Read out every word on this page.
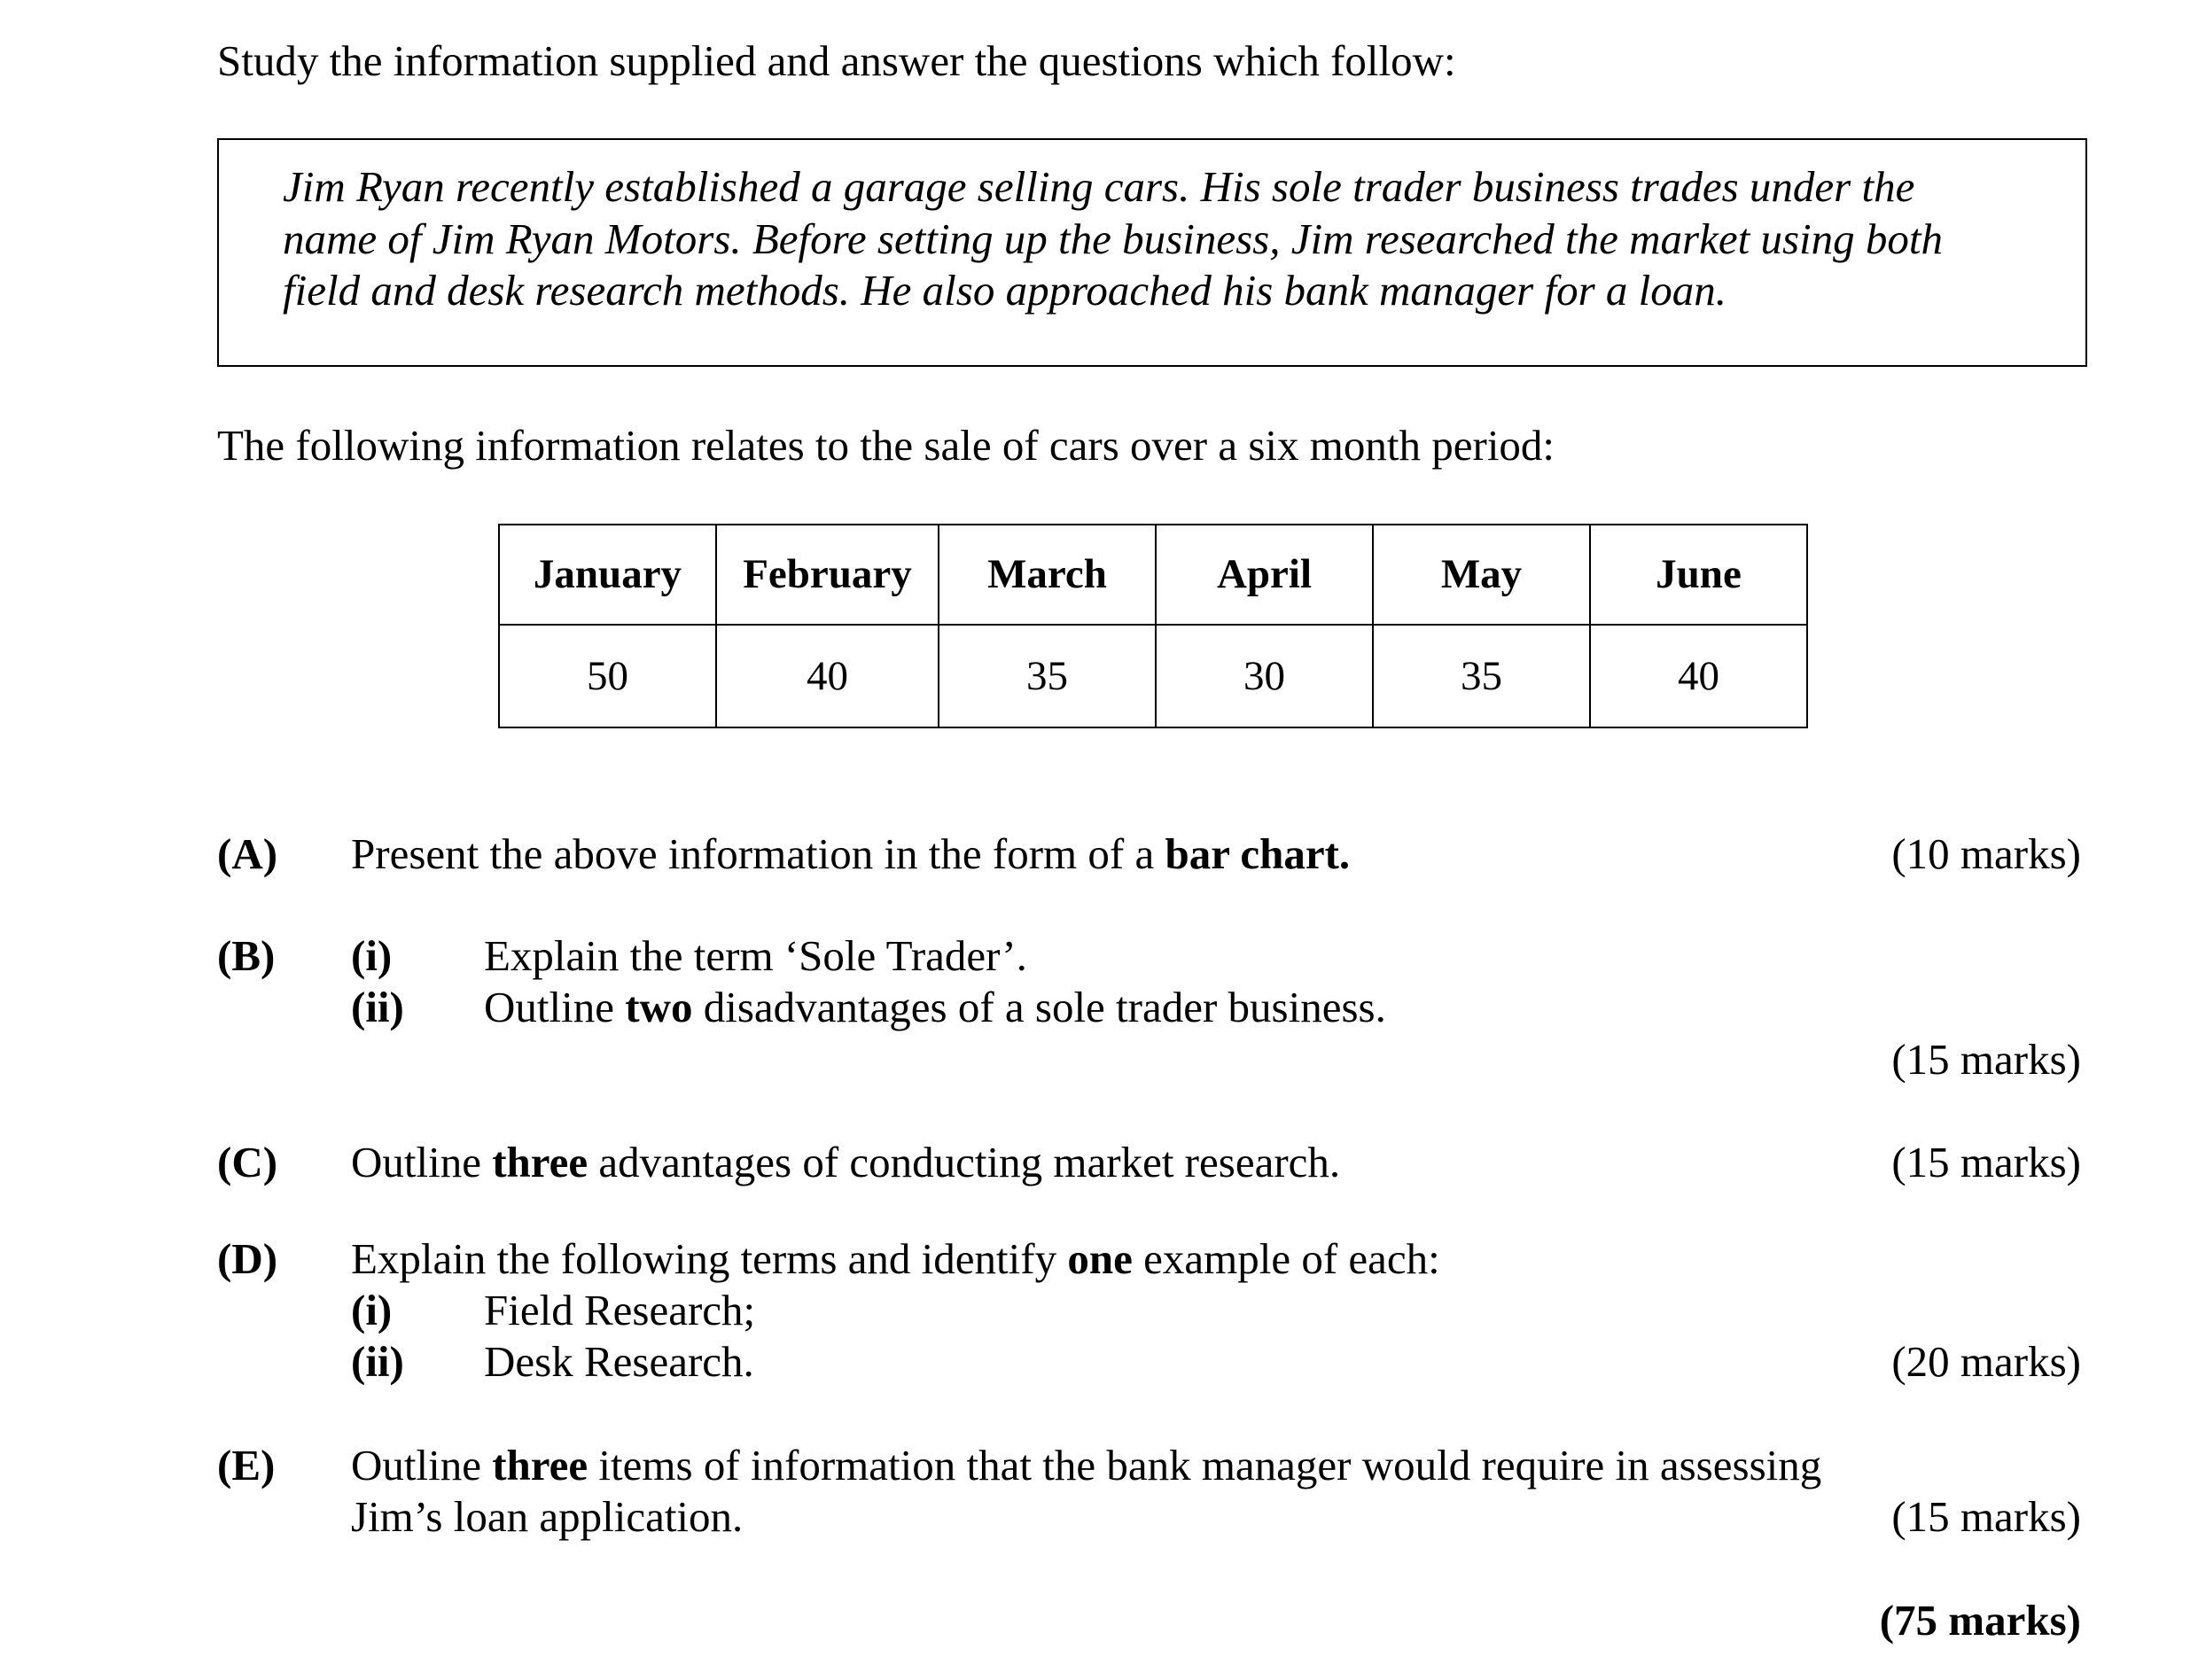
Study the information supplied and answer the questions which follow:
Jim Ryan recently established a garage selling cars. His sole trader business trades under the
name of Jim Ryan Motors. Before setting up the business, Jim researched the market using both
field and desk research methods. He also approached his bank manager for a loan.
The following information relates to the sale of cars over a six month period:
January	February	March	April	May	June
50	40	35	30	35	40
(A) Present the above information in the form of a bar chart.	(10 marks)
(B) (i) Explain the term ‘Sole Trader’.
(ii) Outline two disadvantages of a sole trader business.
(15 marks)
(C) Outline three advantages of conducting market research.	(15 marks)
(D) Explain the following terms and identify one example of each:
(i) Field Research;
(ii) Desk Research.	(20 marks)
(E) Outline three items of information that the bank manager would require in assessing
Jim’s loan application.	(15 marks)
(75 marks)
